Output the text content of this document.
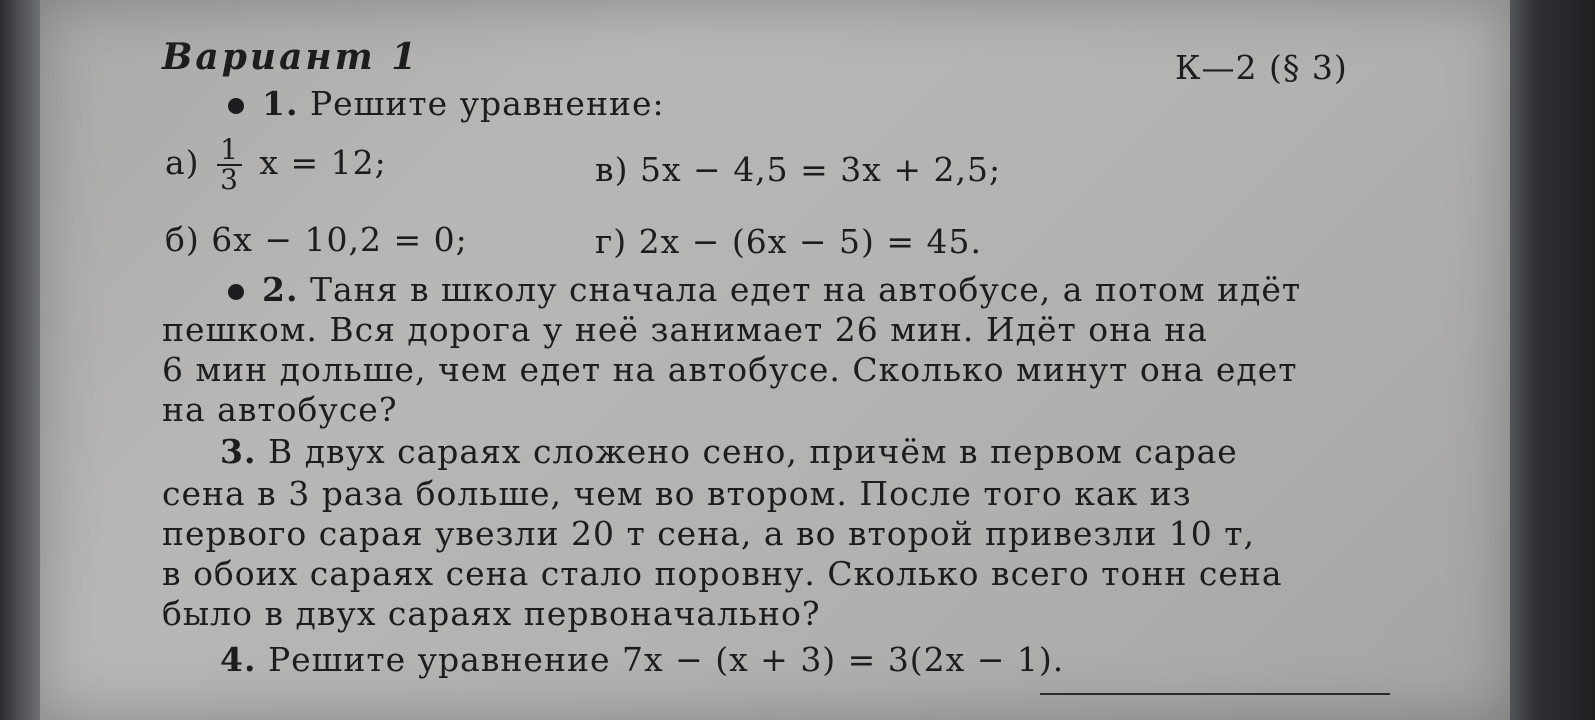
Вариант 1	К—2 (§ 3)
1. Решите уравнение:
$а) \frac{1}{3}$ x = 12;	в) 5x − 4,5 = 3x + 2,5;
б) 6x − 10,2 = 0;	г) 2x − (6x − 5) = 45.
2. Таня в школу сначала едет на автобусе, а потом идёт
пешком. Вся дорога у неё занимает 26 мин. Идёт она на
6 мин дольше, чем едет на автобусе. Сколько минут она едет
на автобусе?
3. В двух сараях сложено сено, причём в первом сарае
сена в 3 раза больше, чем во втором. После того как из
первого сарая увезли 20 т сена, а во второй привезли 10 т,
в обоих сараях сена стало поровну. Сколько всего тонн сена
было в двух сараях первоначально?
4. Решите уравнение 7x − (x + 3) = 3(2x − 1).
